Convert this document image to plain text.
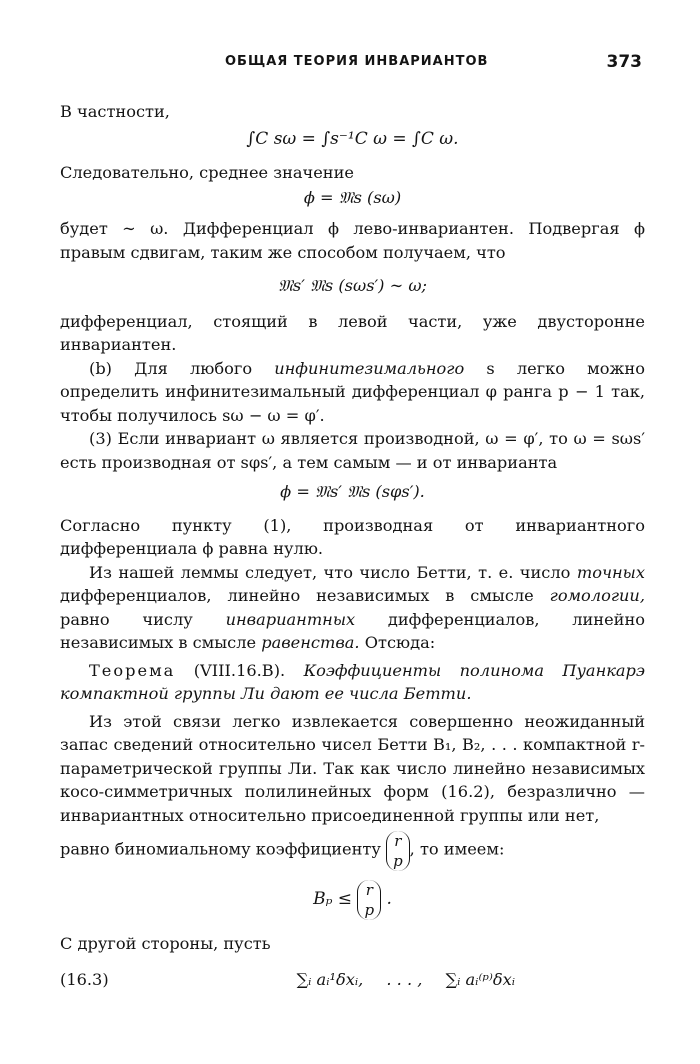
ОБЩАЯ ТЕОРИЯ ИНВАРИАНТОВ	373

В частности,

∫C sω = ∫s⁻¹C ω = ∫C ω.

Следовательно, среднее значение

ϕ = 𝔐s (sω)

будет ∼ ω. Дифференциал ϕ лево-инвариантен. Подвергая ϕ правым сдвигам, таким же способом получаем, что

𝔐s′ 𝔐s (sωs′) ∼ ω;

дифференциал, стоящий в левой части, уже двусторонне инвариантен.

(b) Для любого инфинитезимального s легко можно определить инфинитезимальный дифференциал φ ранга p − 1 так, чтобы получилось sω − ω = φ′.

(3) Если инвариант ω является производной, ω = φ′, то ω = sωs′ есть производная от sφs′, а тем самым — и от инварианта

ϕ = 𝔐s′ 𝔐s (sφs′).

Согласно пункту (1), производная от инвариантного дифференциала ϕ равна нулю.

Из нашей леммы следует, что число Бетти, т. е. число точных дифференциалов, линейно независимых в смысле гомологии, равно числу инвариантных дифференциалов, линейно независимых в смысле равенства. Отсюда:

Теорема (VIII.16.B). Коэффициенты полинома Пуанкарэ компактной группы Ли дают ее числа Бетти.

Из этой связи легко извлекается совершенно неожиданный запас сведений относительно чисел Бетти B₁, B₂, . . . компактной r-параметрической группы Ли. Так как число линейно независимых косо-симметричных полилинейных форм (16.2), безразлично — инвариантных относительно присоединенной группы или нет,

равно биномиальному коэффициенту r
p
, то имеем:

Bₚ ≤ r
p
.

С другой стороны, пусть

(16.3)	∑ᵢ aᵢ¹δxᵢ, . . . , ∑ᵢ aᵢ⁽ᵖ⁾δxᵢ
